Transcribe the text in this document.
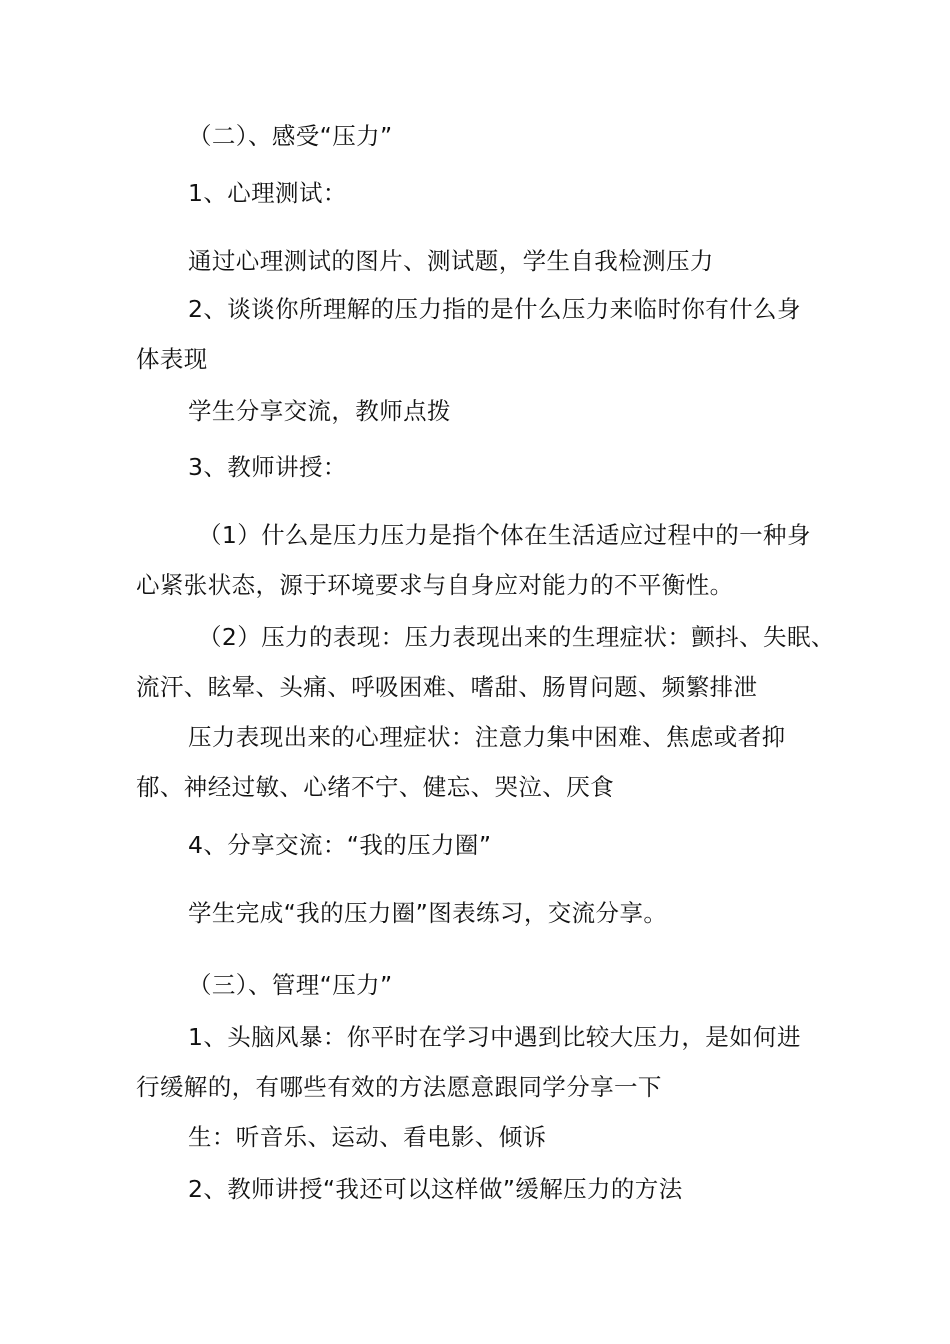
（二）、感受“压力”
1、心理测试：
通过心理测试的图片、测试题，学生自我检测压力
2、谈谈你所理解的压力指的是什么压力来临时你有什么身
体表现
学生分享交流，教师点拨
3、教师讲授：
（1）什么是压力压力是指个体在生活适应过程中的一种身
心紧张状态，源于环境要求与自身应对能力的不平衡性。
（2）压力的表现：压力表现出来的生理症状：颤抖、失眠、
流汗、眩晕、头痛、呼吸困难、嗜甜、肠胃问题、频繁排泄
压力表现出来的心理症状：注意力集中困难、焦虑或者抑
郁、神经过敏、心绪不宁、健忘、哭泣、厌食
4、分享交流：“我的压力圈”
学生完成“我的压力圈”图表练习，交流分享。
（三）、管理“压力”
1、头脑风暴：你平时在学习中遇到比较大压力，是如何进
行缓解的，有哪些有效的方法愿意跟同学分享一下
生：听音乐、运动、看电影、倾诉
2、教师讲授“我还可以这样做”缓解压力的方法
